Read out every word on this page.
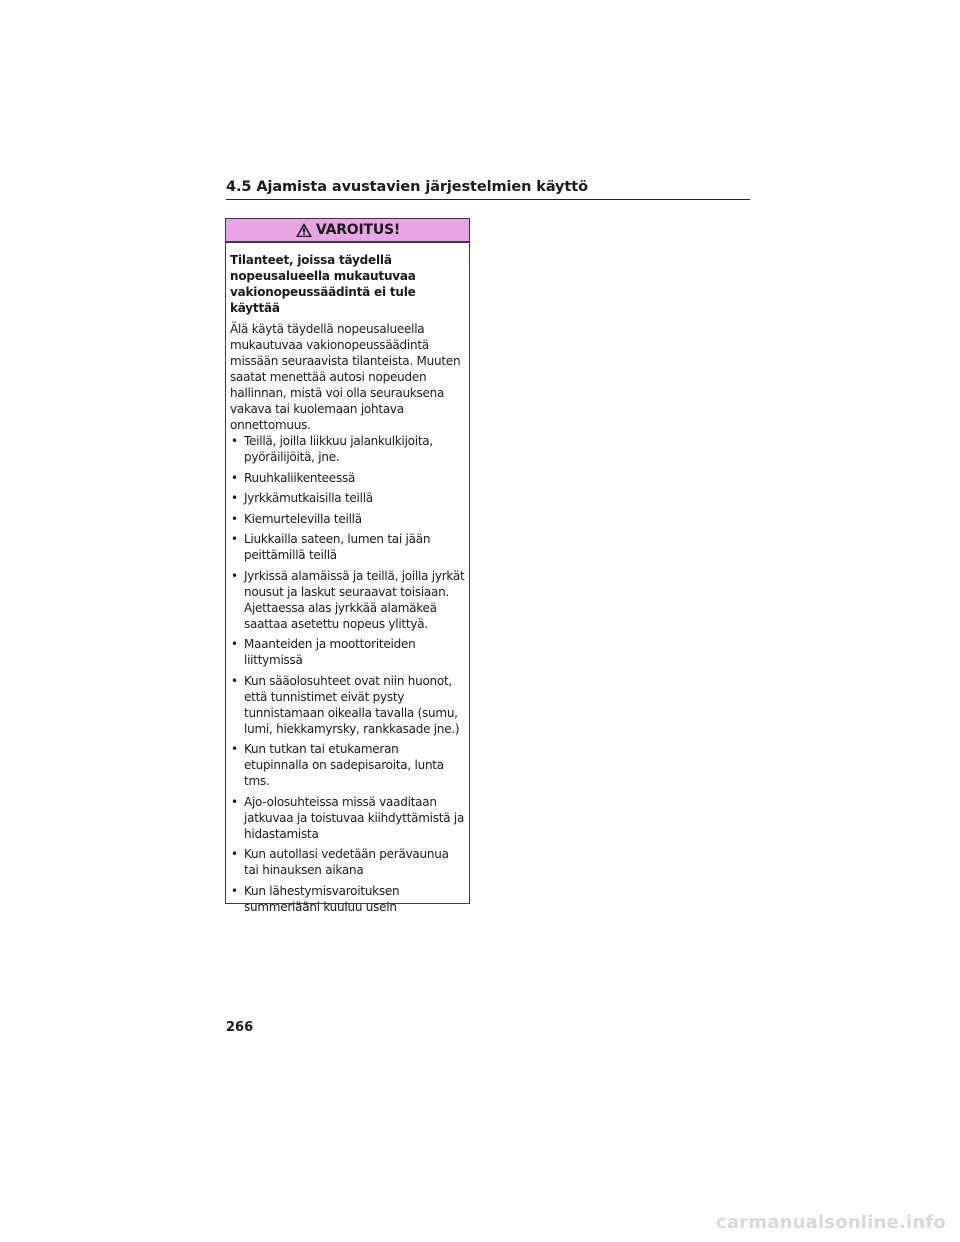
4.5 Ajamista avustavien järjestelmien käyttö
VAROITUS!

Tilanteet, joissa täydellä nopeusalueella mukautuvaa vakionopeussäädintä ei tule käyttää

Älä käytä täydellä nopeusalueella mukautuvaa vakionopeussäädintä missään seuraavista tilanteista. Muuten saatat menettää autosi nopeuden hallinnan, mistä voi olla seurauksena vakava tai kuolemaan johtava onnettomuus.

• Teillä, joilla liikkuu jalankulkijoita, pyöräilijöitä, jne.
• Ruuhkaliikenteessä
• Jyrkkämutkaisilla teillä
• Kiemurtelevilla teillä
• Liukkailla sateen, lumen tai jään peittämillä teillä
• Jyrkissä alamäissä ja teillä, joilla jyrkät nousut ja laskut seuraavat toisiaan. Ajettaessa alas jyrkkää alamäkeä saattaa asetettu nopeus ylittyä.
• Maanteiden ja moottoriteiden liittymissä
• Kun sääolosuhteet ovat niin huonot, että tunnistimet eivät pysty tunnistamaan oikealla tavalla (sumu, lumi, hiekkamyrsky, rankkasade jne.)
• Kun tutkan tai etukameran etupinnalla on sadepisaroita, lunta tms.
• Ajo-olosuhteissa missä vaaditaan jatkuvaa ja toistuvaa kiihdyttämistä ja hidastamista
• Kun autollasi vedetään perävaunua tai hinauksen aikana
• Kun lähestymisvaroituksen summeriääni kuuluu usein
266
carmanualsonline.info
